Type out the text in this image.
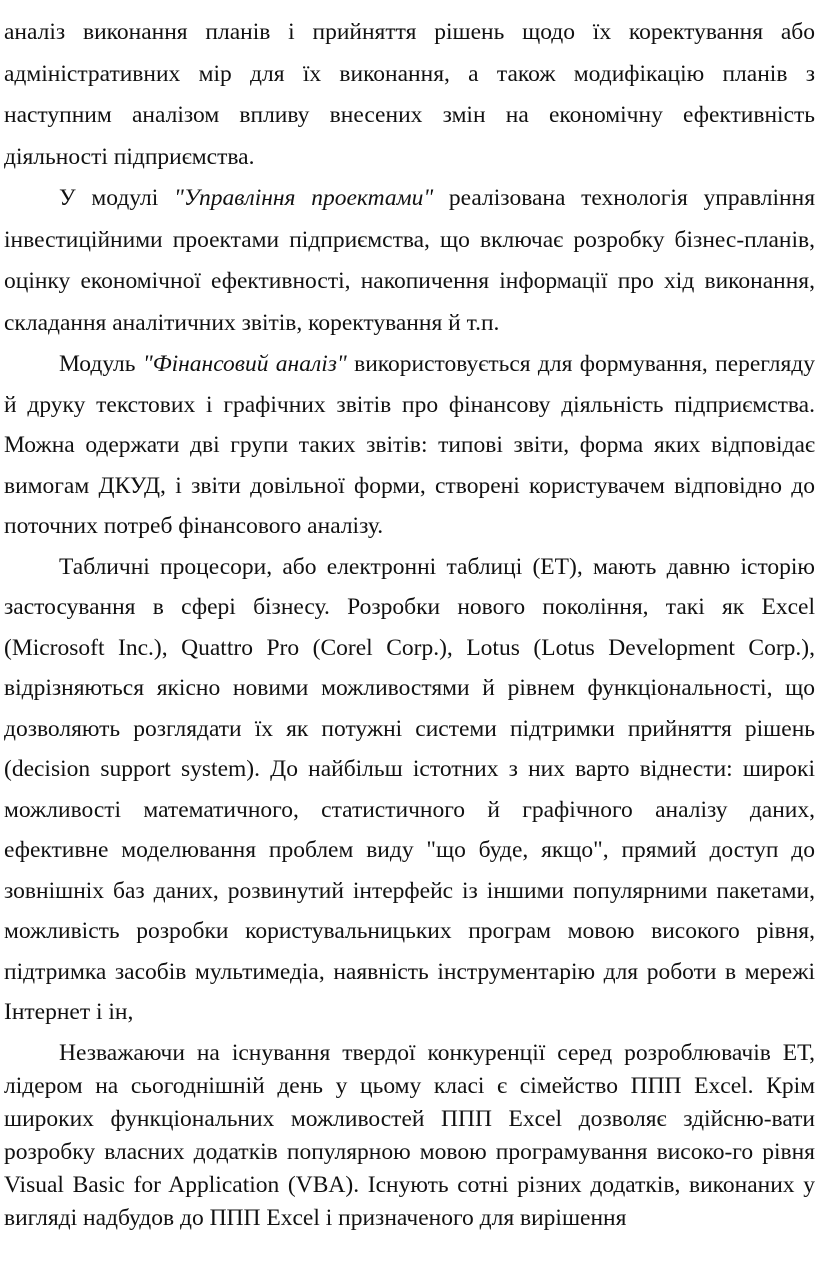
аналіз виконання планів і прийняття рішень щодо їх коректування або адміністративних мір для їх виконання, а також модифікацію планів з наступним аналізом впливу внесених змін на економічну ефективність діяльності підприємства.

У модулі "Управління проектами" реалізована технологія управління інвестиційними проектами підприємства, що включає розробку бізнес-планів, оцінку економічної ефективності, накопичення інформації про хід виконання, складання аналітичних звітів, коректування й т.п.

Модуль "Фінансовий аналіз" використовується для формування, перегляду й друку текстових і графічних звітів про фінансову діяльність підприємства. Можна одержати дві групи таких звітів: типові звіти, форма яких відповідає вимогам ДКУД, і звіти довільної форми, створені користувачем відповідно до поточних потреб фінансового аналізу.

Табличні процесори, або електронні таблиці (ЕТ), мають давню історію застосування в сфері бізнесу. Розробки нового покоління, такі як Excel (Microsoft Inc.), Quattro Pro (Corel Corp.), Lotus (Lotus Development Corp.), відрізняються якісно новими можливостями й рівнем функціональності, що дозволяють розглядати їх як потужні системи підтримки прийняття рішень (decision support system). До найбільш істотних з них варто віднести: широкі можливості математичного, статистичного й графічного аналізу даних, ефективне моделювання проблем виду "що буде, якщо", прямий доступ до зовнішніх баз даних, розвинутий інтерфейс із іншими популярними пакетами, можливість розробки користувальницьких програм мовою високого рівня, підтримка засобів мультимедіа, наявність інструментарію для роботи в мережі Інтернет і ін,

Незважаючи на існування твердої конкуренції серед розроблювачів ЕТ, лідером на сьогоднішній день у цьому класі є сімейство ППП Excel. Крім широких функціональних можливостей ППП Excel дозволяє здійсню-вати розробку власних додатків популярною мовою програмування високо-го рівня Visual Basic for Application (VBA). Існують сотні різних додатків, виконаних у вигляді надбудов до ППП Excel і призначеного для вирішення
